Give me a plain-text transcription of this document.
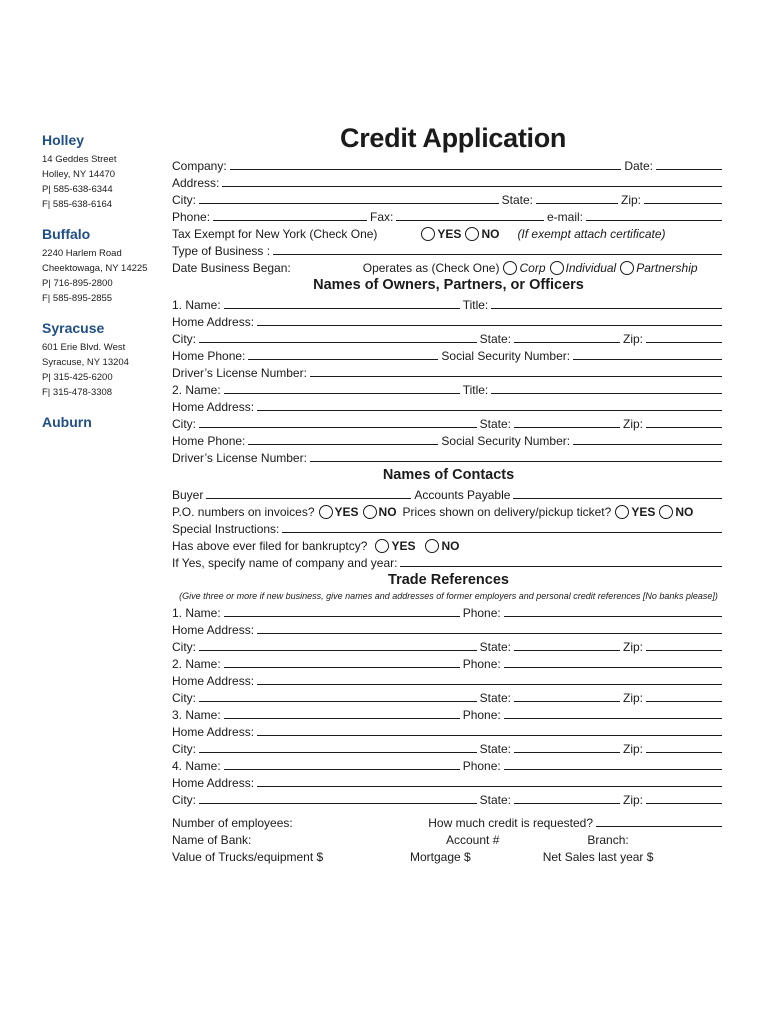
Holley
14 Geddes Street
Holley, NY 14470
P| 585-638-6344
F| 585-638-6164
Buffalo
2240 Harlem Road
Cheektowaga, NY 14225
P| 716-895-2800
F| 585-895-2855
Syracuse
601 Erie Blvd. West
Syracuse, NY 13204
P| 315-425-6200
F| 315-478-3308
Auburn
Credit Application
Company:	Date:
Address:
City:	State:	Zip:
Phone:	Fax:	e-mail:
Tax Exempt for New York (Check One)	YES	NO (If exempt attach certificate)
Type of Business :
Date Business Began:	Operates as (Check One)	Corp	Individual	Partnership
Names of Owners, Partners, or Officers
1. Name:	Title:
Home Address:
City:	State:	Zip:
Home Phone:	Social Security Number:
Driver’s License Number:
2. Name:	Title:
Home Address:
City:	State:	Zip:
Home Phone:	Social Security Number:
Driver’s License Number:
Names of Contacts
Buyer	Accounts Payable
P.O. numbers on invoices?	YES	NO Prices shown on delivery/pickup ticket?	YES	NO
Special Instructions:
Has above ever filed for bankruptcy?	YES	NO
If Yes, specify name of company and year:
Trade References
(Give three or more if new business, give names and addresses of former employers and personal credit references [No banks please])
1. Name:	Phone:
Home Address:
City:	State:	Zip:
2. Name:	Phone:
Home Address:
City:	State:	Zip:
3. Name:	Phone:
Home Address:
City:	State:	Zip:
4. Name:	Phone:
Home Address:
City:	State:	Zip:
Number of employees:	How much credit is requested?
Name of Bank:	Account #	Branch:
Value of Trucks/equipment $	Mortgage $	Net Sales last year $
